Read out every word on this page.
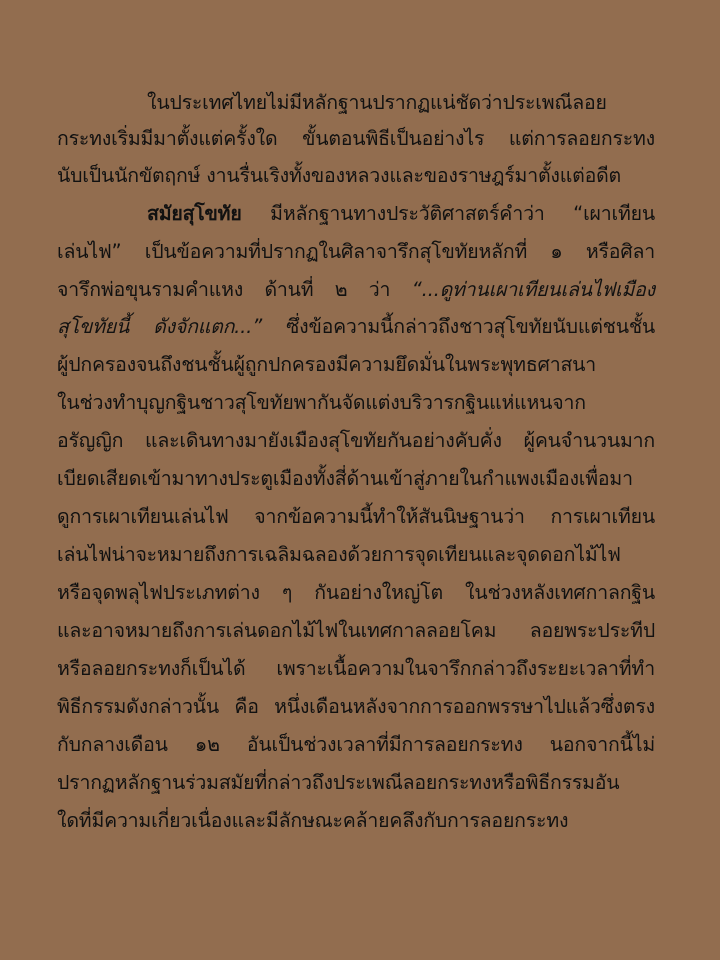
ในประเทศไทยไม่มีหลักฐานปรากฏแน่ชัดว่าประเพณีลอย
กระทงเริ่มมีมาตั้งแต่ครั้งใด ขั้นตอนพิธีเป็นอย่างไร แต่การลอยกระทง
นับเป็นนักขัตฤกษ์ งานรื่นเริงทั้งของหลวงและของราษฎร์มาตั้งแต่อดีต
สมัยสุโขทัย มีหลักฐานทางประวัติศาสตร์คำว่า “เผาเทียน
เล่นไฟ” เป็นข้อความที่ปรากฏในศิลาจารึกสุโขทัยหลักที่ ๑ หรือศิลา
จารึกพ่อขุนรามคำแหง ด้านที่ ๒ ว่า “...ดูท่านเผาเทียนเล่นไฟเมือง
สุโขทัยนี้ ดังจักแตก...” ซึ่งข้อความนี้กล่าวถึงชาวสุโขทัยนับแต่ชนชั้น
ผู้ปกครองจนถึงชนชั้นผู้ถูกปกครองมีความยึดมั่นในพระพุทธศาสนา
ในช่วงทำบุญกฐินชาวสุโขทัยพากันจัดแต่งบริวารกฐินแห่แหนจาก
อรัญญิก และเดินทางมายังเมืองสุโขทัยกันอย่างคับคั่ง ผู้คนจำนวนมาก
เบียดเสียดเข้ามาทางประตูเมืองทั้งสี่ด้านเข้าสู่ภายในกำแพงเมืองเพื่อมา
ดูการเผาเทียนเล่นไฟ จากข้อความนี้ทำให้สันนิษฐานว่า การเผาเทียน
เล่นไฟน่าจะหมายถึงการเฉลิมฉลองด้วยการจุดเทียนและจุดดอกไม้ไฟ
หรือจุดพลุไฟประเภทต่าง ๆ กันอย่างใหญ่โต ในช่วงหลังเทศกาลกฐิน
และอาจหมายถึงการเล่นดอกไม้ไฟในเทศกาลลอยโคม ลอยพระประทีป
หรือลอยกระทงก็เป็นได้ เพราะเนื้อความในจารึกกล่าวถึงระยะเวลาที่ทำ
พิธีกรรมดังกล่าวนั้น คือ หนึ่งเดือนหลังจากการออกพรรษาไปแล้วซึ่งตรง
กับกลางเดือน ๑๒ อันเป็นช่วงเวลาที่มีการลอยกระทง นอกจากนี้ไม่
ปรากฏหลักฐานร่วมสมัยที่กล่าวถึงประเพณีลอยกระทงหรือพิธีกรรมอัน
ใดที่มีความเกี่ยวเนื่องและมีลักษณะคล้ายคลึงกับการลอยกระทง
